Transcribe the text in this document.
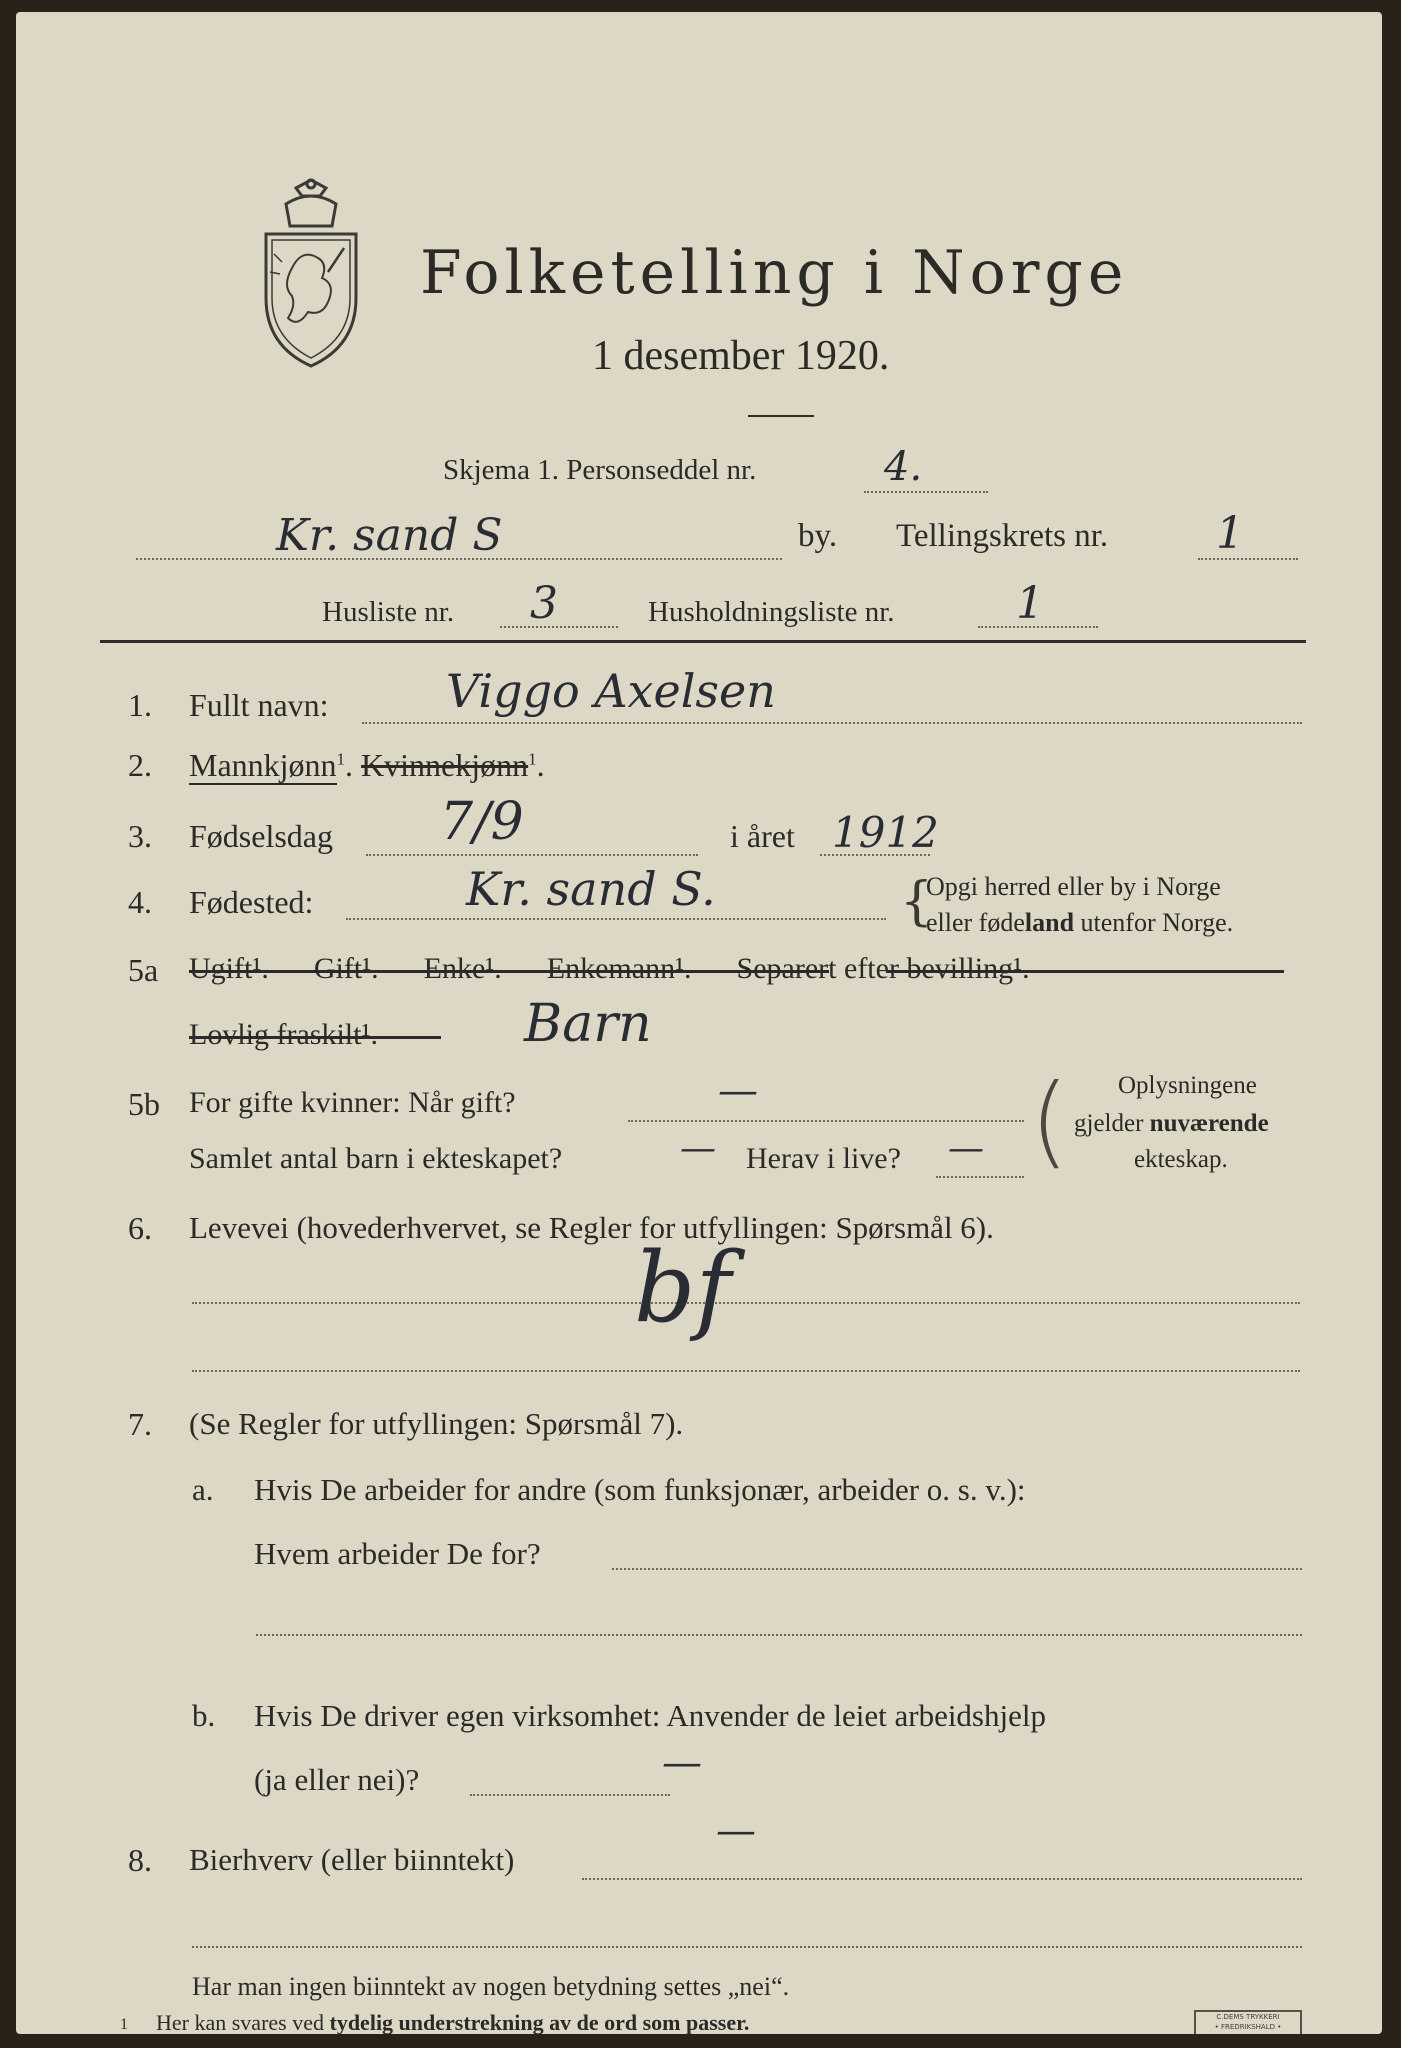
Folketelling i Norge
1 desember 1920.
Skjema 1. Personseddel nr.	4.
Kr. sand S	by. Tellingskrets nr. 1
Husliste nr. 3	Husholdningsliste nr.	1
1. Fullt navn:	Viggo Axelsen
2. Mannkjønn$^1$. Kvinnekjønn$^1$.
3. Fødselsdag 7/9	i året 1912
4. Fødested:	Kr. sand S.	{
Opgi herred eller by i Norge
eller fødeland utenfor Norge.
5a Ugift¹. — Gift¹. — Enke¹. — Enkemann¹. — Separert efter bevilling¹. —
Lovlig fraskilt¹.	Barn
5b For gifte kvinner: Når gift?	—
Samlet antal barn i ekteskapet?	— Herav i live? — ( Oplysningene
gjelder nuværende
ekteskap.
6. Levevei (hovederhvervet, se Regler for utfyllingen: Spørsmål 6).
bf
7. (Se Regler for utfyllingen: Spørsmål 7).
a. Hvis De arbeider for andre (som funksjonær, arbeider o. s. v.):
Hvem arbeider De for?
b. Hvis De driver egen virksomhet: Anvender de leiet arbeidshjelp
(ja eller nei)?	—
8. Bierhverv (eller biinntekt)
—
Har man ingen biinntekt av nogen betydning settes „nei“.
1 Her kan svares ved tydelig understrekning av de ord som passer.	C.DEMS TRYKKERI
• FREDRIKSHALD •
